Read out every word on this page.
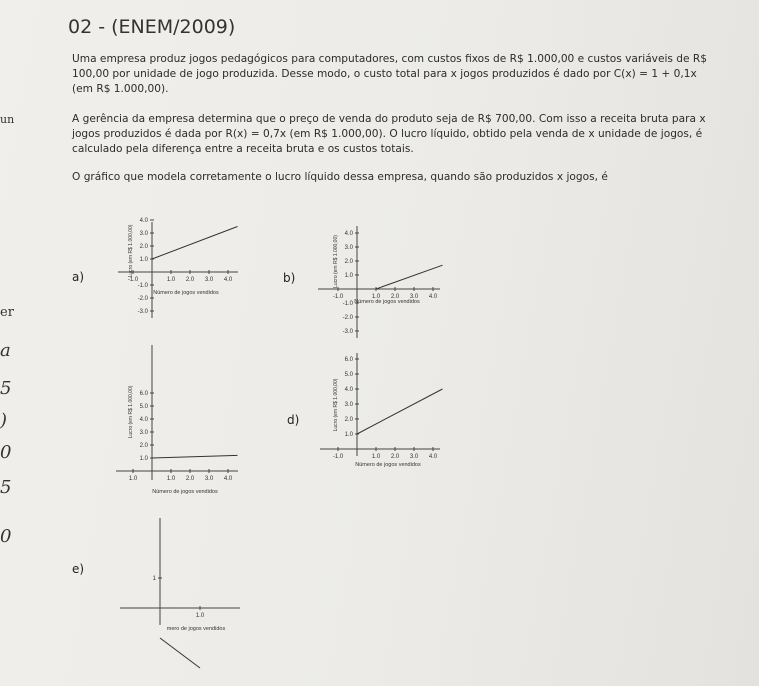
02 - (ENEM/2009)
Uma empresa produz jogos pedagógicos para computadores, com custos fixos de R$ 1.000,00 e custos variáveis de R$ 100,00 por unidade de jogo produzida. Desse modo, o custo total para x jogos produzidos é dado por C(x) = 1 + 0,1x (em R$ 1.000,00).
A gerência da empresa determina que o preço de venda do produto seja de R$ 700,00. Com isso a receita bruta para x jogos produzidos é dada por R(x) = 0,7x (em R$ 1.000,00). O lucro líquido, obtido pela venda de x unidade de jogos, é calculado pela diferença entre a receita bruta e os custos totais.
O gráfico que modela corretamente o lucro líquido dessa empresa, quando são produzidos x jogos, é
a)	b)
d)
e)
un
er
a
5
)
0
5
0
-1.0	1.0 2.0 3.0 4.0
4.0
3.0
2.0
1.0
-1.0
-2.0
-3.0
Número de jogos vendidos
Lucro (em R$ 1.000,00)
-1.0	1.0 2.0 3.0 4.0
4.0
3.0
2.0
1.0
-1.0
-2.0
-3.0
Número de jogos vendidos
Lucro (em R$ 1.000,00)
1.0	1.0 2.0 3.0 4.0
6.0
5.0
4.0
3.0
2.0
1.0
Número de jogos vendidos
Lucro (em R$ 1.000,00)
-1.0	1.0 2.0 3.0 4.0
6.0
5.0
4.0
3.0
2.0
1.0
Número de jogos vendidos
Lucro (em R$ 1.000,00)
1.0
1
mero de jogos vendidos
